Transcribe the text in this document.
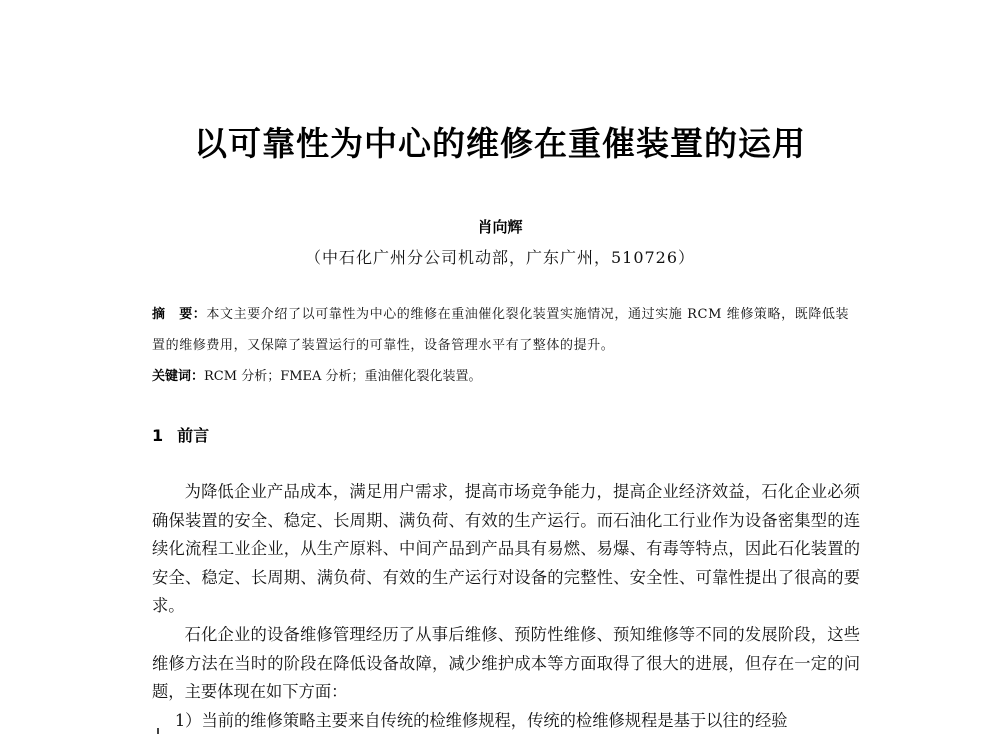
以可靠性为中心的维修在重催装置的运用
肖向辉
（中石化广州分公司机动部，广东广州，510726）
摘　要：本文主要介绍了以可靠性为中心的维修在重油催化裂化装置实施情况，通过实施 RCM 维修策略，既降低装置的维修费用，又保障了装置运行的可靠性，设备管理水平有了整体的提升。
关键词：RCM 分析；FMEA 分析；重油催化裂化装置。
1 前言

为降低企业产品成本，满足用户需求，提高市场竞争能力，提高企业经济效益，石化企业必须确保装置的安全、稳定、长周期、满负荷、有效的生产运行。而石油化工行业作为设备密集型的连续化流程工业企业，从生产原料、中间产品到产品具有易燃、易爆、有毒等特点，因此石化装置的安全、稳定、长周期、满负荷、有效的生产运行对设备的完整性、安全性、可靠性提出了很高的要求。

石化企业的设备维修管理经历了从事后维修、预防性维修、预知维修等不同的发展阶段，这些维修方法在当时的阶段在降低设备故障，减少维护成本等方面取得了很大的进展，但存在一定的问题，主要体现在如下方面：

1）当前的维修策略主要来自传统的检维修规程，传统的检维修规程是基于以往的经验
